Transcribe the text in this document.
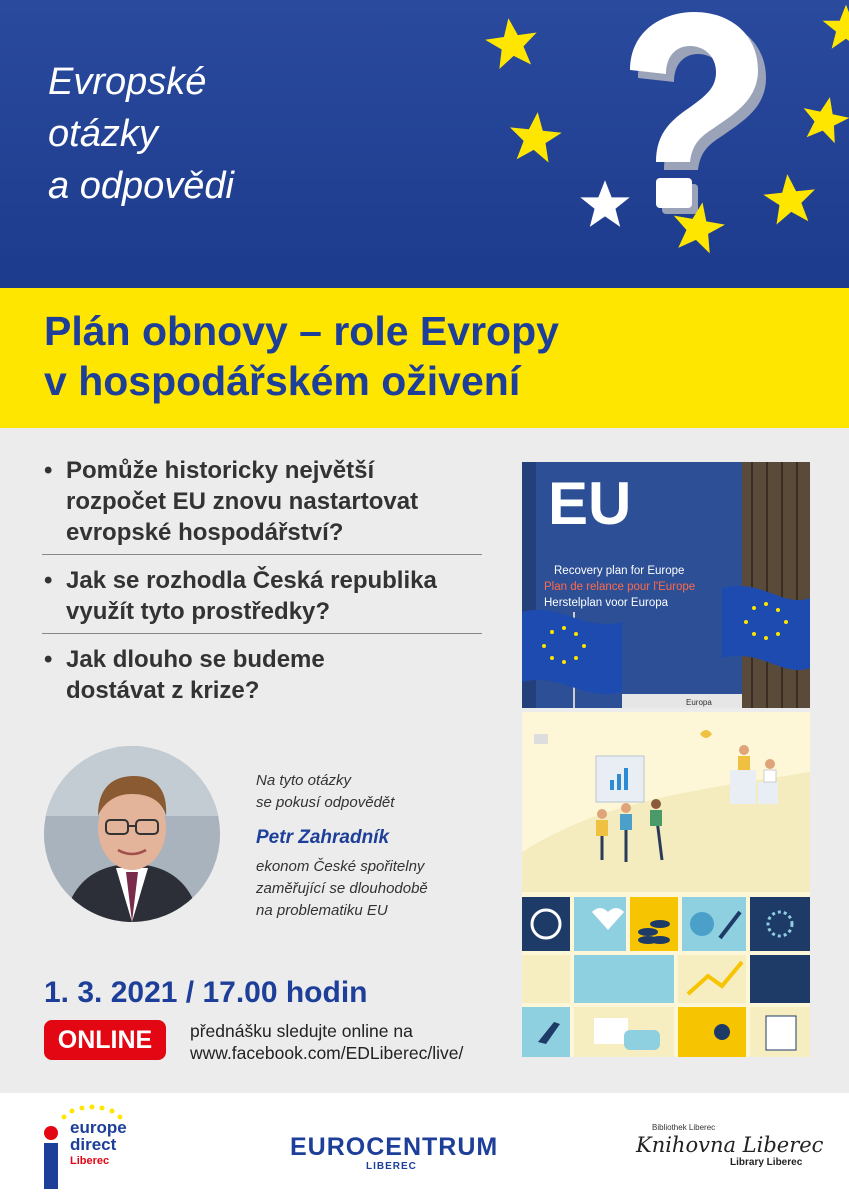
Evropské
otázky
a odpovědi
Plán obnovy – role Evropy
v hospodářském oživení
• Pomůže historicky největší
rozpočet EU znovu nastartovat
evropské hospodářství?
• Jak se rozhodla Česká republika
využít tyto prostředky?
• Jak dlouho se budeme
dostávat z krize?
Na tyto otázky
se pokusí odpovědět
Petr Zahradník
ekonom České spořitelny
zaměřující se dlouhodobě
na problematiku EU
1. 3. 2021 / 17.00 hodin
ONLINE	přednášku sledujte online na
www.facebook.com/EDLiberec/live/
EU
Recovery plan for Europe
Plan de relance pour l'Europe
Herstelplan voor Europa
Europa
europe
direct
Liberec	EUROCENTRUM
LIBEREC
Bibliothek Liberec
Knihovna Liberec
Library Liberec
